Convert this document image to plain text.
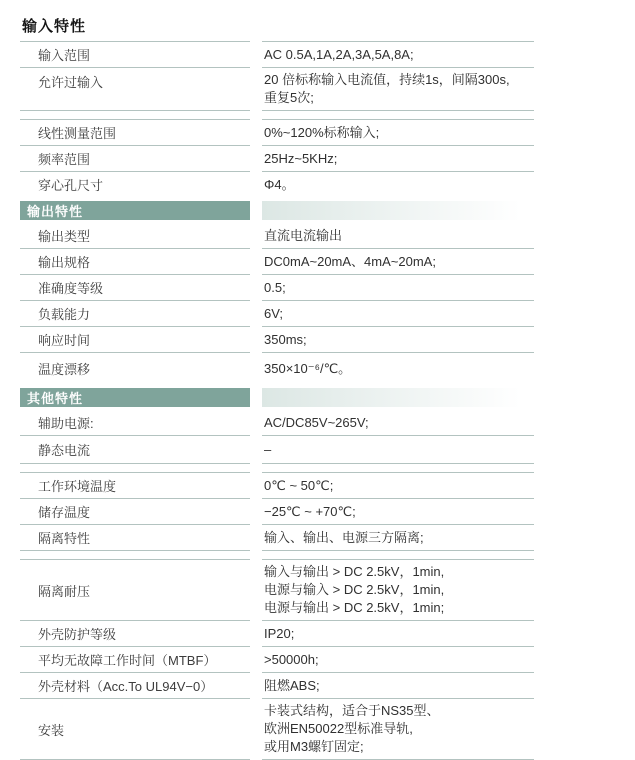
输入特性
输入范围	AC 0.5A,1A,2A,3A,5A,8A;
允许过输入	20 倍标称输入电流值，持续1s，间隔300s,
重复5次;
线性测量范围	0%~120%标称输入;
频率范围	25Hz~5KHz;
穿心孔尺寸	Φ4。
输出特性
输出类型	直流电流输出
输出规格	DC0mA~20mA、4mA~20mA;
准确度等级	0.5;
负载能力	6V;
响应时间	350ms;
温度漂移	350×10⁻⁶/℃。
其他特性
辅助电源:	AC/DC85V~265V;
静态电流	–
工作环境温度	0℃ ~ 50℃;
储存温度	−25℃ ~ +70℃;
隔离特性	输入、输出、电源三方隔离;
隔离耐压
输入与输出 > DC 2.5kV，1min,
电源与输入 > DC 2.5kV，1min,
电源与输出 > DC 2.5kV，1min;
外壳防护等级	IP20;
平均无故障工作时间（MTBF）	>50000h;
外壳材料（Acc.To UL94V−0）	阻燃ABS;
安装
卡装式结构，适合于NS35型、
欧洲EN50022型标准导轨,
或用M3螺钉固定;
